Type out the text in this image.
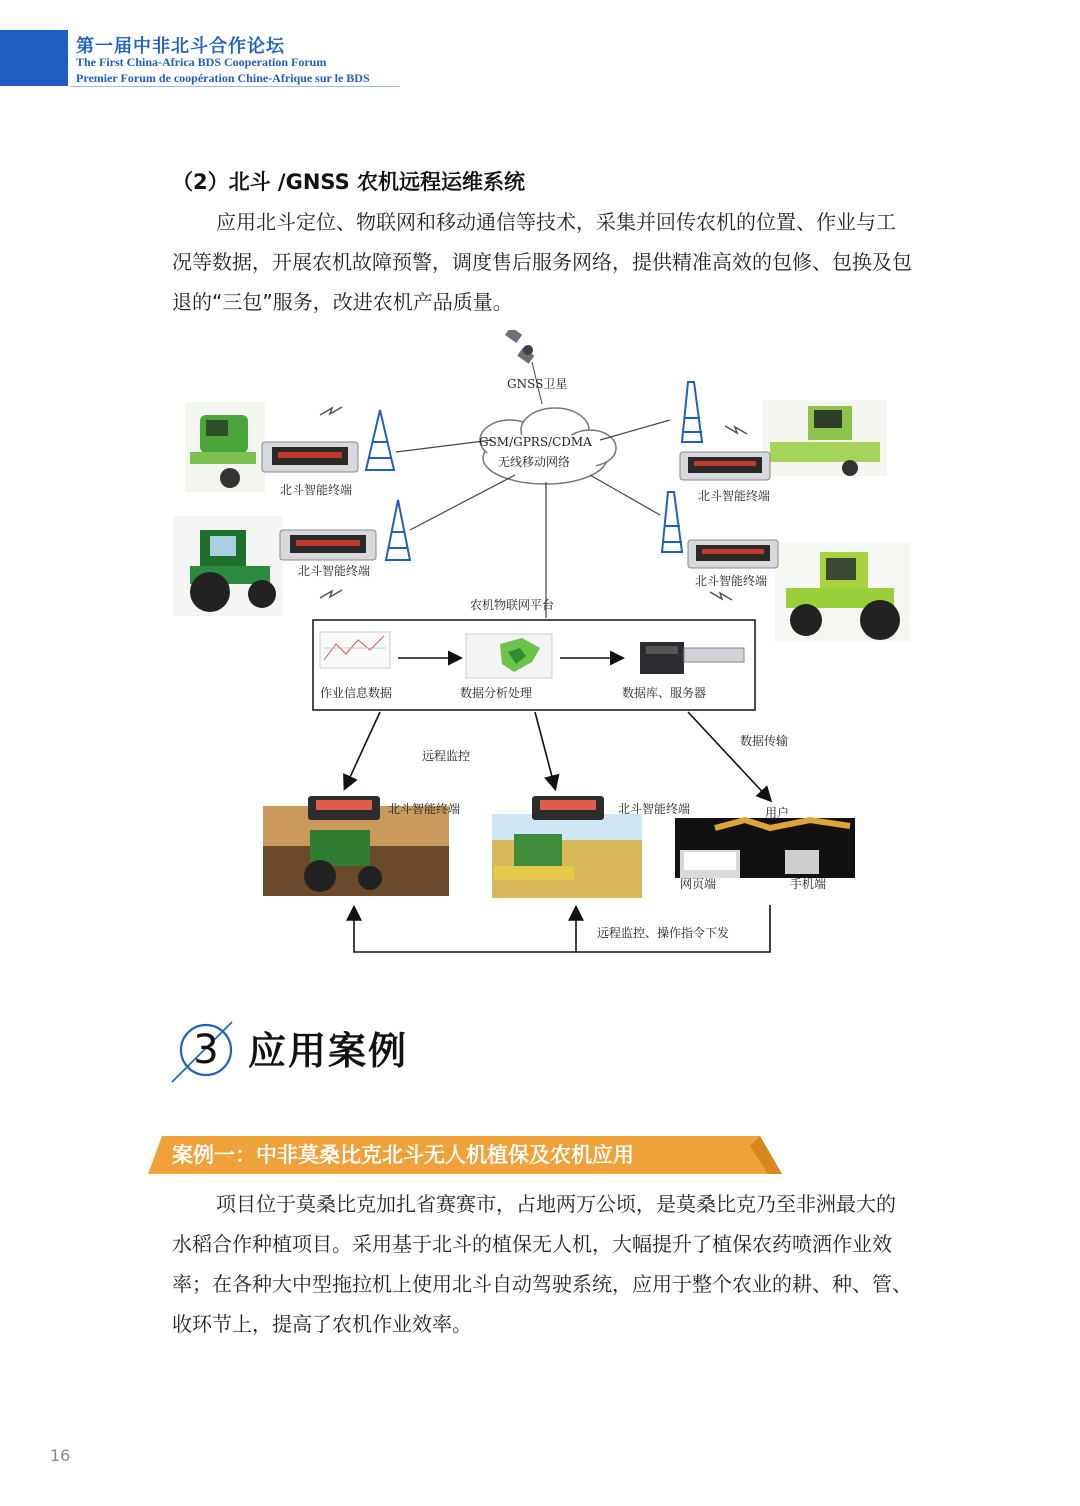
第一届中非北斗合作论坛
The First China-Africa BDS Cooperation Forum
Premier Forum de coopération Chine-Afrique sur le BDS
（2）北斗 /GNSS 农机远程运维系统
应用北斗定位、物联网和移动通信等技术，采集并回传农机的位置、作业与工况等数据，开展农机故障预警，调度售后服务网络，提供精准高效的包修、包换及包退的“三包”服务，改进农机产品质量。
GNSS卫星
GSM/GPRS/CDMA
无线移动网络
北斗智能终端	北斗智能终端
北斗智能终端
北斗智能终端
农机物联网平台
作业信息数据	数据分析处理	数据库、服务器
远程监控
数据传输
北斗智能终端	北斗智能终端	用户
网页端	手机端
远程监控、操作指令下发
3 应用案例
案例一：中非莫桑比克北斗无人机植保及农机应用
项目位于莫桑比克加扎省赛赛市，占地两万公顷，是莫桑比克乃至非洲最大的水稻合作种植项目。采用基于北斗的植保无人机，大幅提升了植保农药喷洒作业效率；在各种大中型拖拉机上使用北斗自动驾驶系统，应用于整个农业的耕、种、管、收环节上，提高了农机作业效率。
16
